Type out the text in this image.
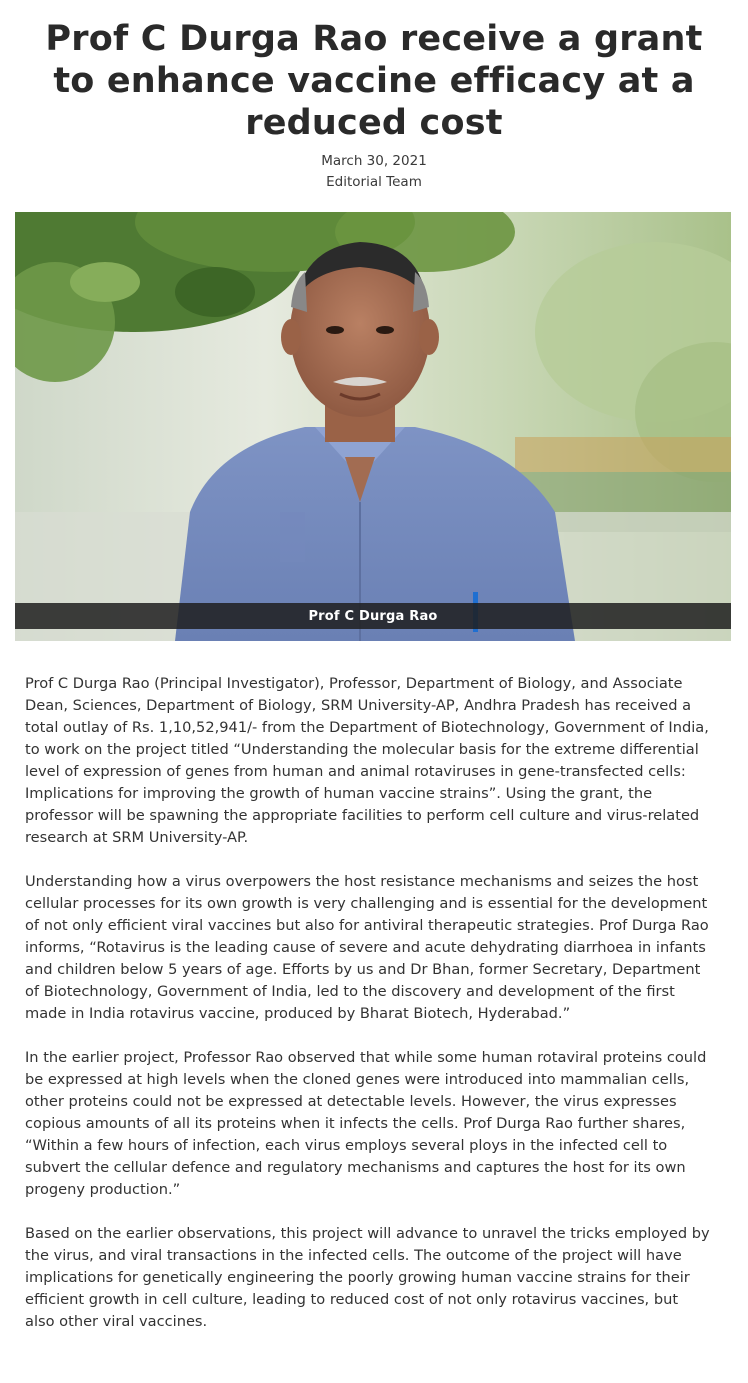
Prof C Durga Rao receive a grant to enhance vaccine efficacy at a reduced cost
March 30, 2021
Editorial Team
Prof C Durga Rao

Prof C Durga Rao (Principal Investigator), Professor, Department of Biology, and Associate Dean, Sciences, Department of Biology, SRM University-AP, Andhra Pradesh has received a total outlay of Rs. 1,10,52,941/- from the Department of Biotechnology, Government of India, to work on the project titled “Understanding the molecular basis for the extreme differential level of expression of genes from human and animal rotaviruses in gene-transfected cells: Implications for improving the growth of human vaccine strains”. Using the grant, the professor will be spawning the appropriate facilities to perform cell culture and virus-related research at SRM University-AP.

Understanding how a virus overpowers the host resistance mechanisms and seizes the host cellular processes for its own growth is very challenging and is essential for the development of not only efficient viral vaccines but also for antiviral therapeutic strategies. Prof Durga Rao informs, “Rotavirus is the leading cause of severe and acute dehydrating diarrhoea in infants and children below 5 years of age. Efforts by us and Dr Bhan, former Secretary, Department of Biotechnology, Government of India, led to the discovery and development of the first made in India rotavirus vaccine, produced by Bharat Biotech, Hyderabad.”

In the earlier project, Professor Rao observed that while some human rotaviral proteins could be expressed at high levels when the cloned genes were introduced into mammalian cells, other proteins could not be expressed at detectable levels. However, the virus expresses copious amounts of all its proteins when it infects the cells. Prof Durga Rao further shares, “Within a few hours of infection, each virus employs several ploys in the infected cell to subvert the cellular defence and regulatory mechanisms and captures the host for its own progeny production.”

Based on the earlier observations, this project will advance to unravel the tricks employed by the virus, and viral transactions in the infected cells. The outcome of the project will have implications for genetically engineering the poorly growing human vaccine strains for their efficient growth in cell culture, leading to reduced cost of not only rotavirus vaccines, but also other viral vaccines.
